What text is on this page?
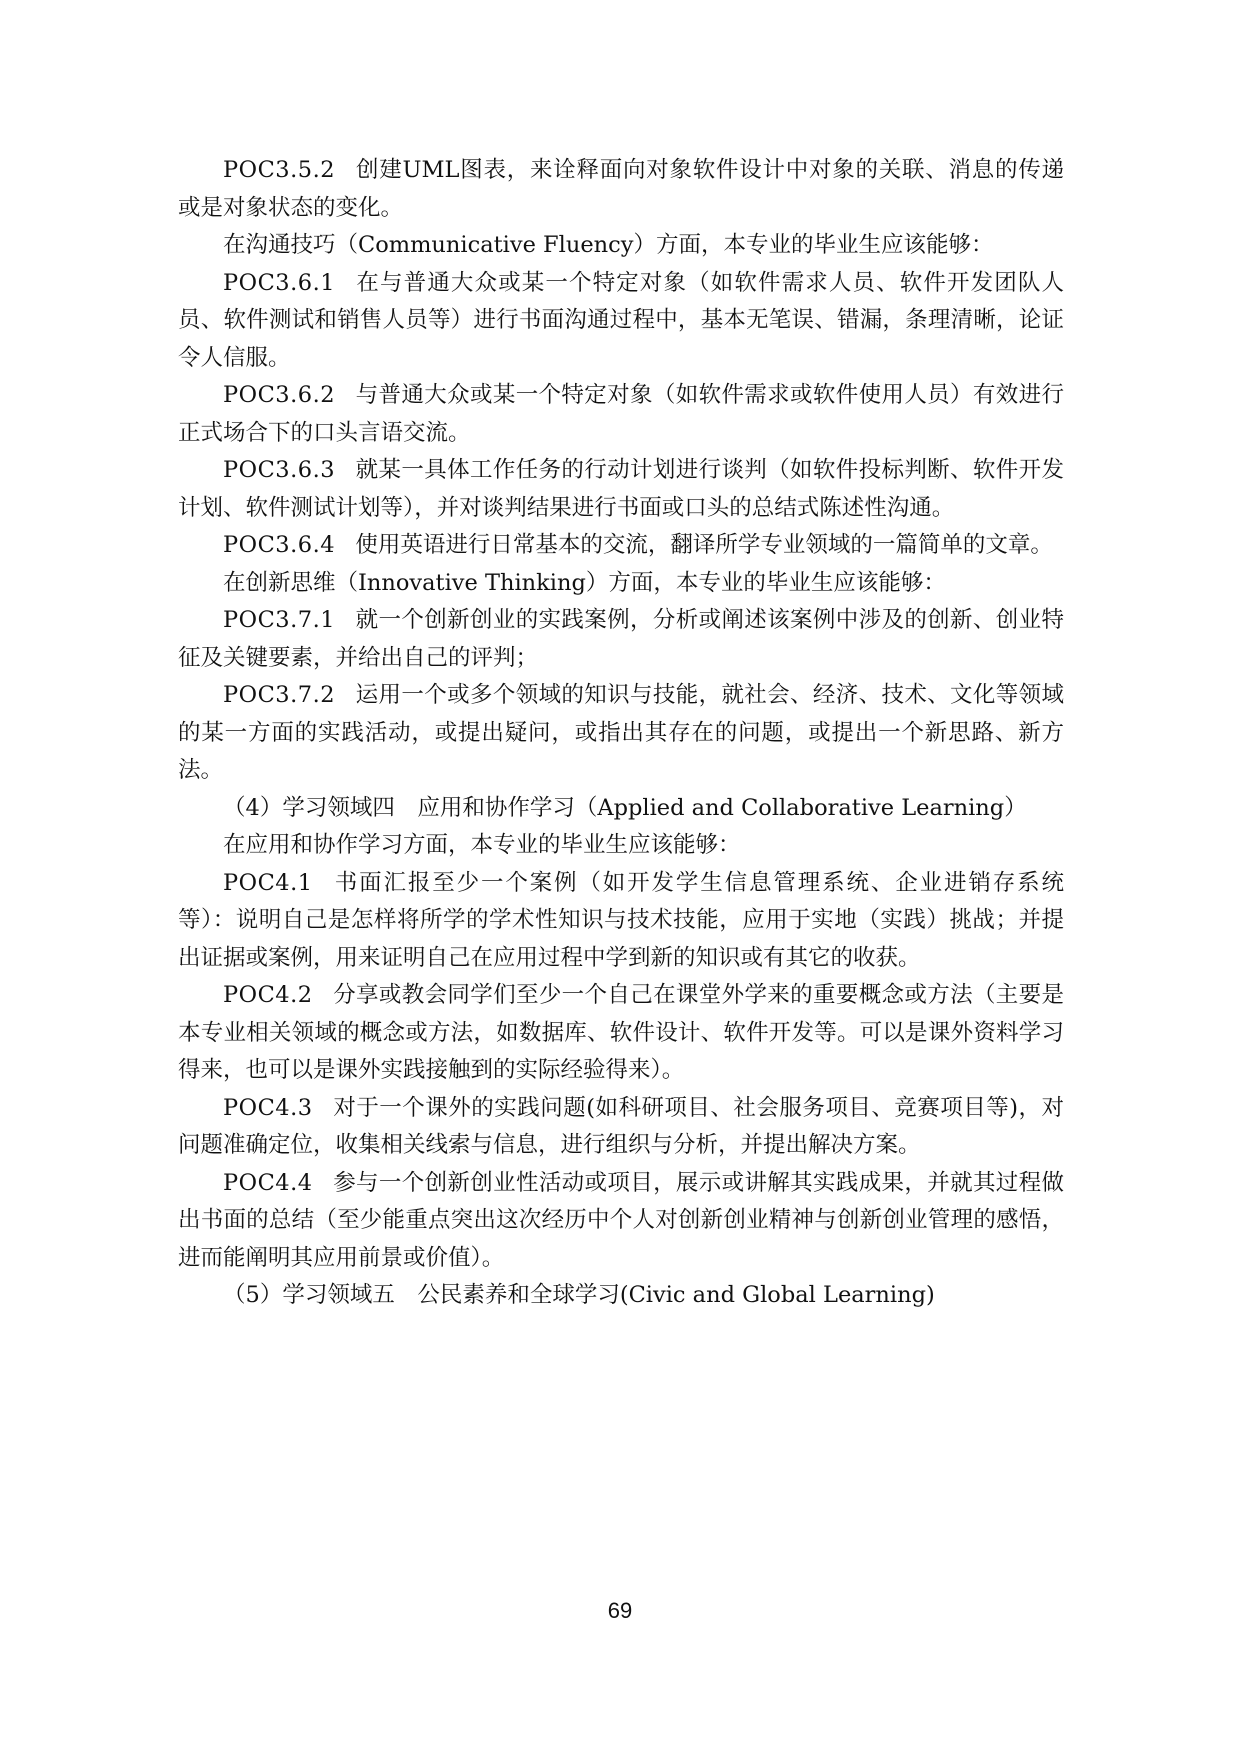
POC3.5.2 创建UML图表，来诠释面向对象软件设计中对象的关联、消息的传递或是对象状态的变化。

在沟通技巧（Communicative Fluency）方面，本专业的毕业生应该能够：

POC3.6.1 在与普通大众或某一个特定对象（如软件需求人员、软件开发团队人员、软件测试和销售人员等）进行书面沟通过程中，基本无笔误、错漏，条理清晰，论证令人信服。

POC3.6.2 与普通大众或某一个特定对象（如软件需求或软件使用人员）有效进行正式场合下的口头言语交流。

POC3.6.3 就某一具体工作任务的行动计划进行谈判（如软件投标判断、软件开发计划、软件测试计划等），并对谈判结果进行书面或口头的总结式陈述性沟通。

POC3.6.4 使用英语进行日常基本的交流，翻译所学专业领域的一篇简单的文章。

在创新思维（Innovative Thinking）方面，本专业的毕业生应该能够：

POC3.7.1 就一个创新创业的实践案例，分析或阐述该案例中涉及的创新、创业特征及关键要素，并给出自己的评判；

POC3.7.2 运用一个或多个领域的知识与技能，就社会、经济、技术、文化等领域的某一方面的实践活动，或提出疑问，或指出其存在的问题，或提出一个新思路、新方法。

（4）学习领域四　应用和协作学习（Applied and Collaborative Learning）

在应用和协作学习方面，本专业的毕业生应该能够：

POC4.1 书面汇报至少一个案例（如开发学生信息管理系统、企业进销存系统等）：说明自己是怎样将所学的学术性知识与技术技能，应用于实地（实践）挑战；并提出证据或案例，用来证明自己在应用过程中学到新的知识或有其它的收获。

POC4.2 分享或教会同学们至少一个自己在课堂外学来的重要概念或方法（主要是本专业相关领域的概念或方法，如数据库、软件设计、软件开发等。可以是课外资料学习得来，也可以是课外实践接触到的实际经验得来）。

POC4.3 对于一个课外的实践问题(如科研项目、社会服务项目、竞赛项目等)，对问题准确定位，收集相关线索与信息，进行组织与分析，并提出解决方案。

POC4.4 参与一个创新创业性活动或项目，展示或讲解其实践成果，并就其过程做出书面的总结（至少能重点突出这次经历中个人对创新创业精神与创新创业管理的感悟，进而能阐明其应用前景或价值）。

（5）学习领域五　公民素养和全球学习(Civic and Global Learning)

69
